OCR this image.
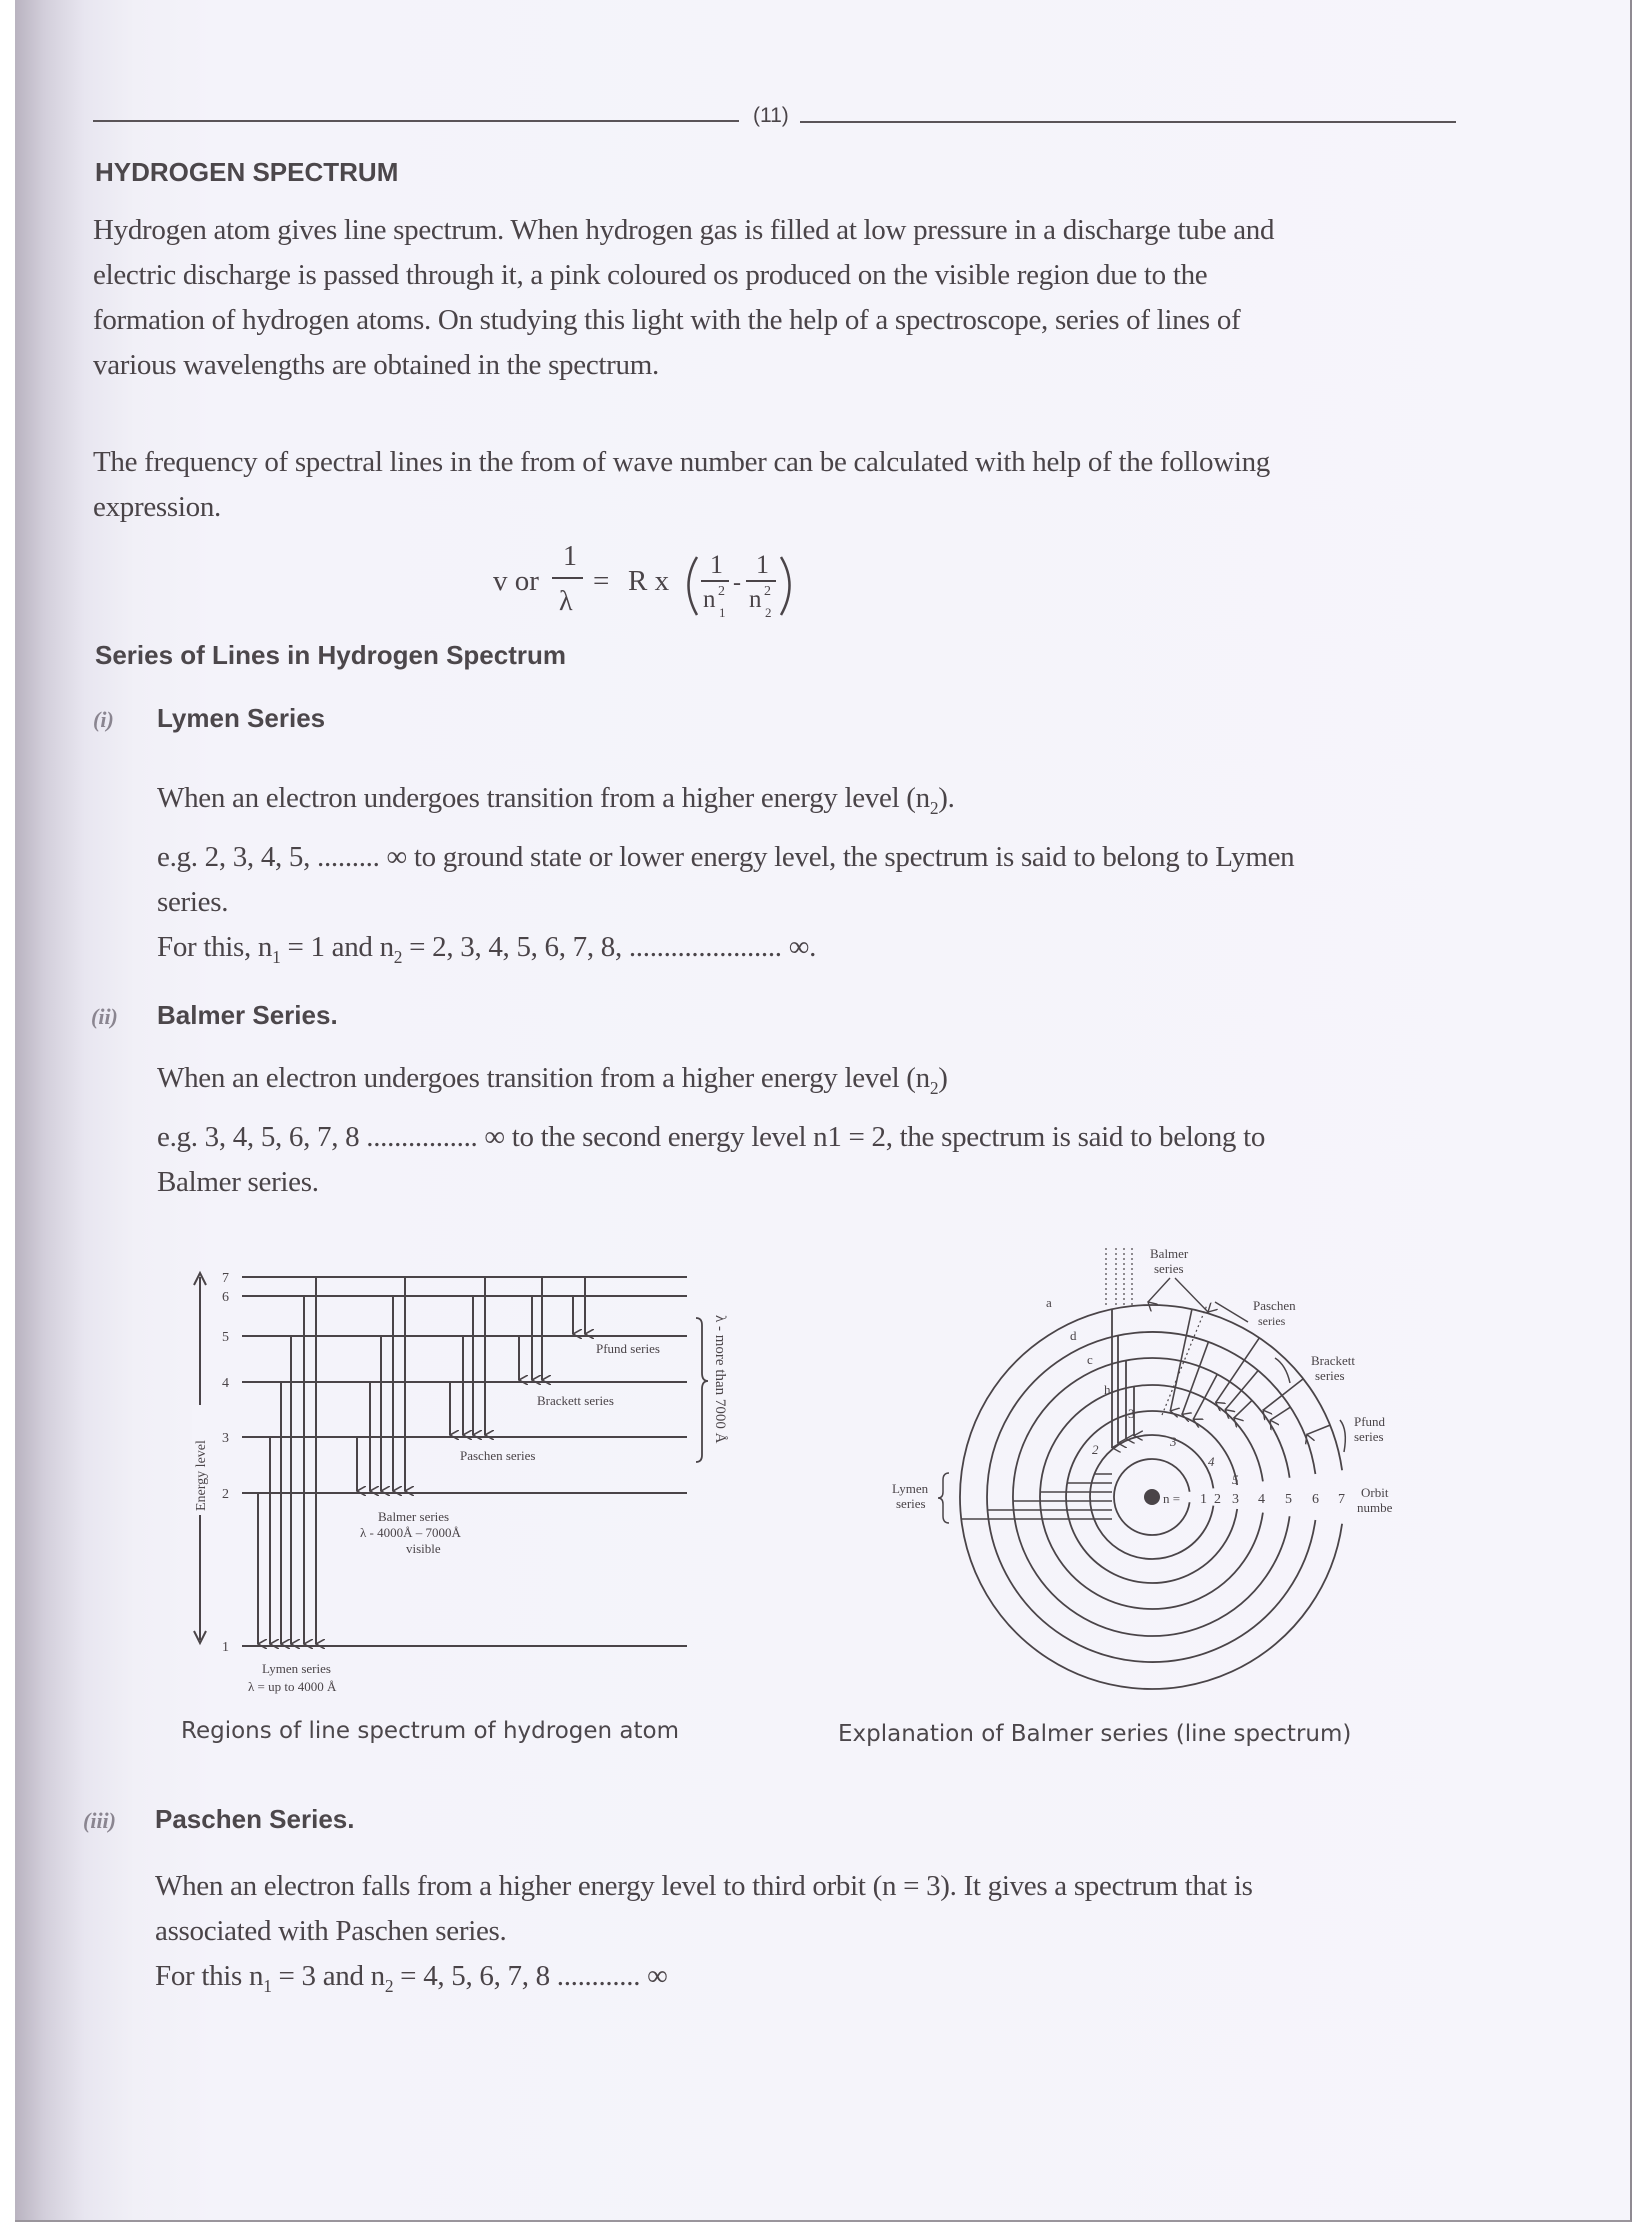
(11)
HYDROGEN SPECTRUM
Hydrogen atom gives line spectrum. When hydrogen gas is filled at low pressure in a discharge tube and
electric discharge is passed through it, a pink coloured os produced on the visible region due to the
formation of hydrogen atoms. On studying this light with the help of a spectroscope, series of lines of
various wavelengths are obtained in the spectrum.
The frequency of spectral lines in the from of wave number can be calculated with help of the following
expression.
v or
1
λ
= R x
1
n 2
1
-
1
n 2
2
Series of Lines in Hydrogen Spectrum
(i) Lymen Series
When an electron undergoes transition from a higher energy level $(n_2)$.
e.g. 2, 3, 4, 5, ......... ∞ to ground state or lower energy level, the spectrum is said to belong to Lymen
series.
For this, $n_1 = 1$ and $n_2 = 2$, 3, 4, 5, 6, 7, 8, ...................... ∞.
(ii) Balmer Series.
When an electron undergoes transition from a higher energy level $(n_2)$
e.g. 3, 4, 5, 6, 7, 8 ................ ∞ to the second energy level n1 = 2, the spectrum is said to belong to
Balmer series.
1
2
3
4
5
6
7
Energy level
Pfund series
Brackett series
Paschen series
Balmer series
λ - 4000Å – 7000Å
visible
Lymen series
λ = up to 4000 Å
λ - more than 7000 Å
n = 1 2 3 4 5 6 7
Balmer
series
Paschen
series
Brackett
series
Pfund
series
Lymen
series
Orbit
numbe
a
d
c
h
3
2
3
4
5
Regions of line spectrum of hydrogen atom	Explanation of Balmer series (line spectrum)
(iii) Paschen Series.
When an electron falls from a higher energy level to third orbit (n = 3). It gives a spectrum that is
associated with Paschen series.
For this $n_1 = 3$ and $n_2 = 4$, 5, 6, 7, 8 ............ ∞
